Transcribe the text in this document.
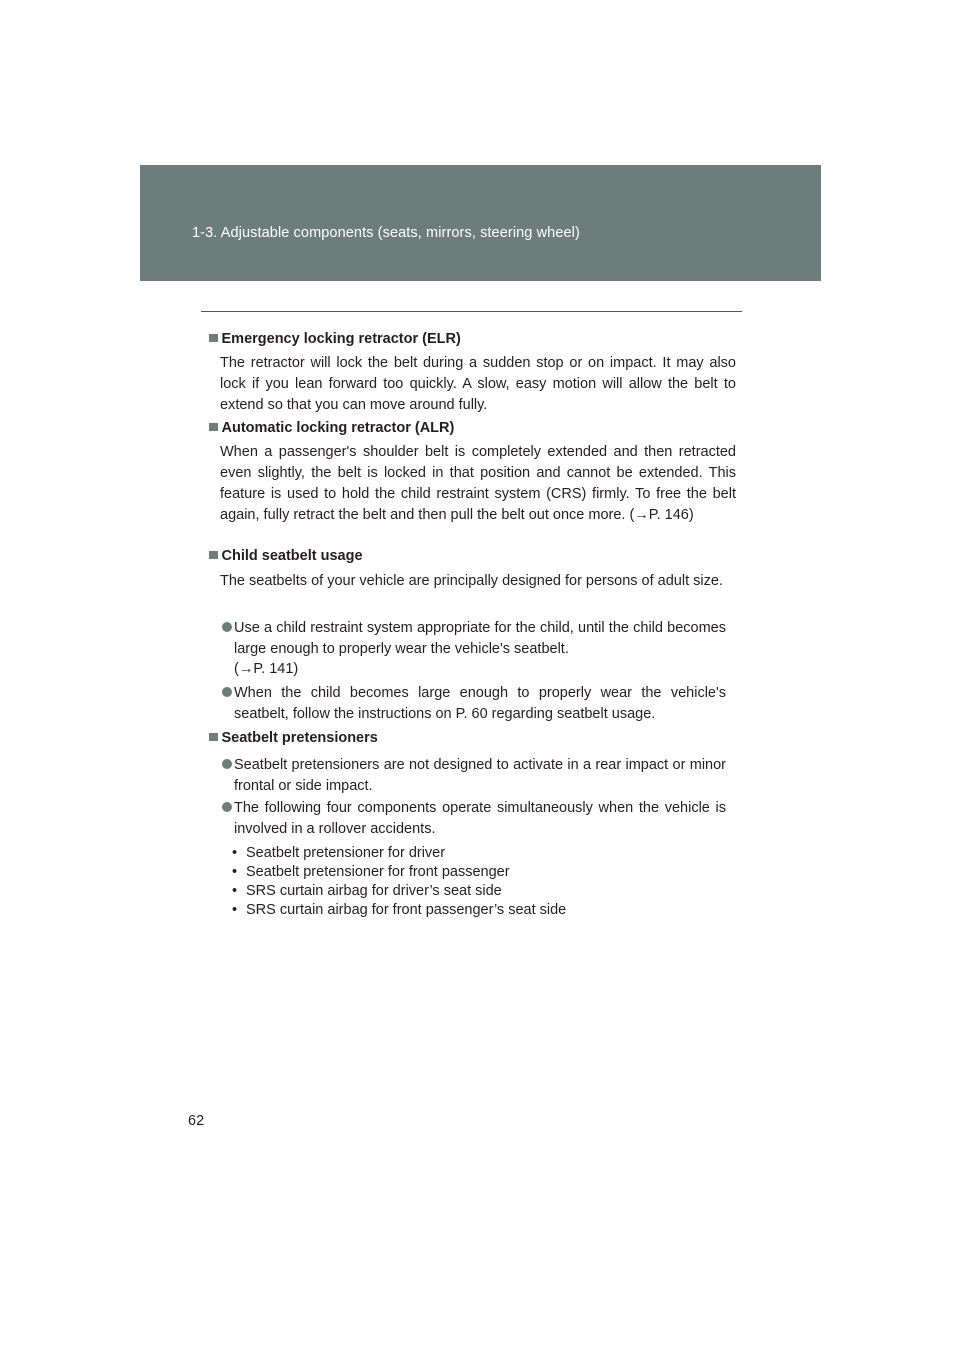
1-3. Adjustable components (seats, mirrors, steering wheel)
Emergency locking retractor (ELR)
The retractor will lock the belt during a sudden stop or on impact. It may also lock if you lean forward too quickly. A slow, easy motion will allow the belt to extend so that you can move around fully.
Automatic locking retractor (ALR)
When a passenger's shoulder belt is completely extended and then retracted even slightly, the belt is locked in that position and cannot be extended. This feature is used to hold the child restraint system (CRS) firmly. To free the belt again, fully retract the belt and then pull the belt out once more. (→P. 146)
Child seatbelt usage
The seatbelts of your vehicle are principally designed for persons of adult size.
Use a child restraint system appropriate for the child, until the child becomes large enough to properly wear the vehicle's seatbelt.
(→P. 141)
When the child becomes large enough to properly wear the vehicle's seatbelt, follow the instructions on P. 60 regarding seatbelt usage.
Seatbelt pretensioners
Seatbelt pretensioners are not designed to activate in a rear impact or minor frontal or side impact.
The following four components operate simultaneously when the vehicle is involved in a rollover accidents.
• Seatbelt pretensioner for driver
• Seatbelt pretensioner for front passenger
• SRS curtain airbag for driver’s seat side
• SRS curtain airbag for front passenger’s seat side
62
